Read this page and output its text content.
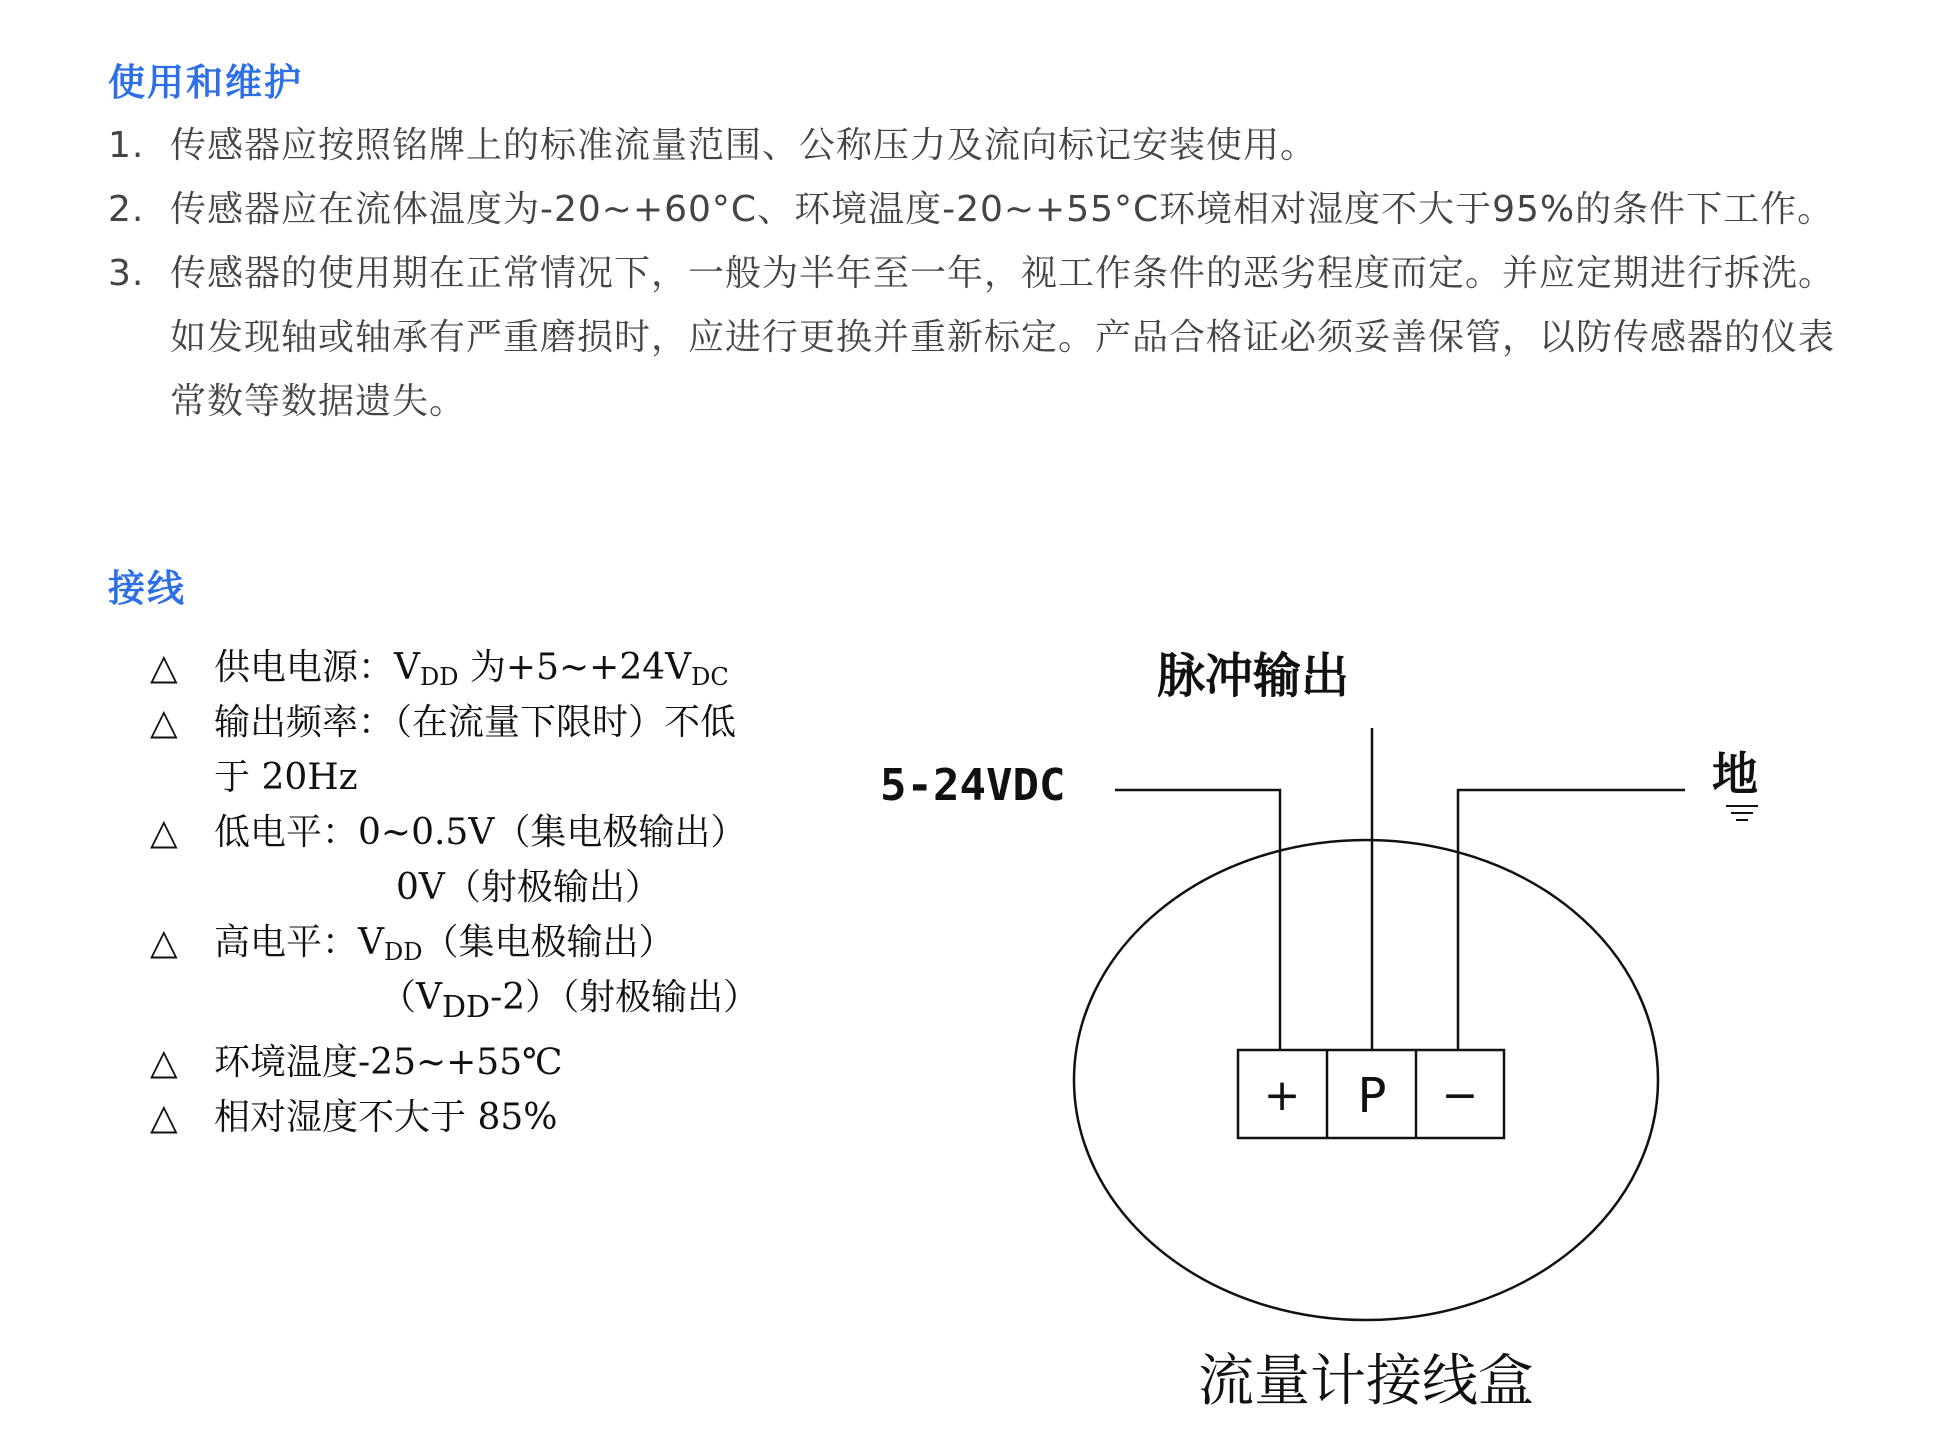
使用和维护
1. 传感器应按照铭牌上的标准流量范围、公称压力及流向标记安装使用。
2. 传感器应在流体温度为-20~+60°C、环境温度-20~+55°C环境相对湿度不大于95%的条件下工作。
3. 传感器的使用期在正常情况下，一般为半年至一年，视工作条件的恶劣程度而定。并应定期进行拆洗。如发现轴或轴承有严重磨损时，应进行更换并重新标定。产品合格证必须妥善保管，以防传感器的仪表常数等数据遗失。
接线
△ 供电电源：$V_{DD}$ 为$+5\sim+24V_{DC}$
△ 输出频率：（在流量下限时）不低
于 20Hz
△ 低电平：0~0.5V（集电极输出）
0V（射极输出）
△ 高电平：$V_{DD}$（集电极输出）
$(V_{DD}-2)$（射极输出）
△ 环境温度-25~+55℃
△ 相对湿度不大于 85%
脉冲输出
5-24VDC	地
+ P −
流量计接线盒
